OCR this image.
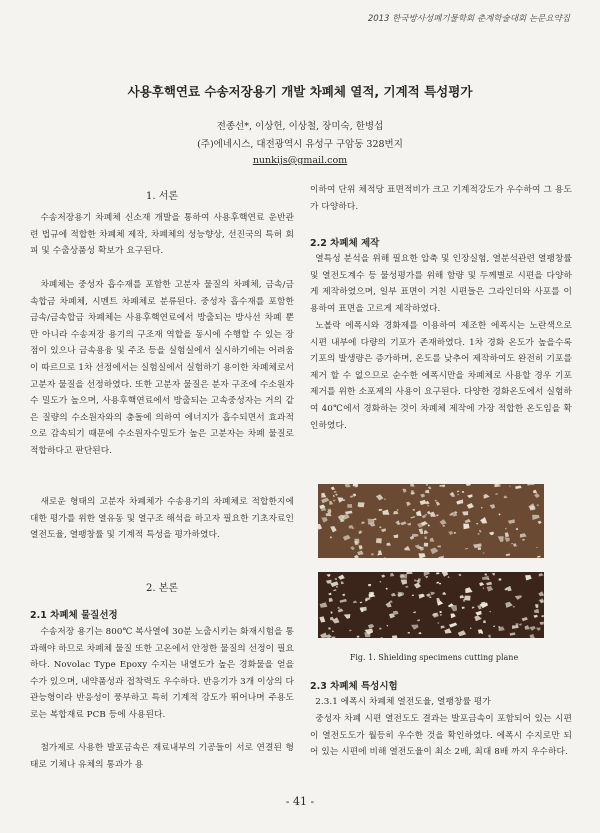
2013 한국방사성폐기물학회 춘계학술대회 논문요약집
사용후핵연료 수송저장용기 개발 차폐체 열적, 기계적 특성평가
전종선*, 이상헌, 이상철, 장미숙, 한병섭
(주)에네시스, 대전광역시 유성구 구암동 328번지
nunkijs@gmail.com
1. 서론

수송저장용기 차폐체 신소재 개발을 통하여 사용후핵연료 운반관련 법규에 적합한 차폐체 제작, 차폐체의 성능향상, 선진국의 특허 회피 및 수출상품성 확보가 요구된다.

차폐체는 중성자 흡수재를 포함한 고분자 물질의 차폐체, 금속/금속합금 차폐체, 시멘트 차폐체로 분류된다. 중성자 흡수재를 포함한 금속/금속합금 차폐체는 사용후핵연료에서 방출되는 방사선 차폐 뿐만 아니라 수송저장 용기의 구조재 역할을 동시에 수행할 수 있는 장점이 있으나 금속용융 및 주조 등을 실험실에서 실시하기에는 어려움이 따르므로 1차 선정에서는 실험실에서 실험하기 용이한 차폐체로서 고분자 물질을 선정하였다. 또한 고분자 물질은 분자 구조에 수소원자 수 밀도가 높으며, 사용후핵연료에서 방출되는 고속중성자는 거의 같은 질량의 수소원자와의 충돌에 의하여 에너지가 흡수되면서 효과적으로 감속되기 때문에 수소원자수밀도가 높은 고분자는 차폐 물질로 적합하다고 판단된다.

새로운 형태의 고분자 차폐체가 수송용기의 차폐체로 적합한지에 대한 평가를 위한 열유동 및 열구조 해석을 하고자 필요한 기초자료인 열전도율, 열팽창률 및 기계적 특성을 평가하였다.

2. 본론
2.1 차폐체 물질선정

수송저장 용기는 800℃ 복사열에 30분 노출시키는 화재시험을 통과해야 하므로 차폐체 물질 또한 고온에서 안정한 물질의 선정이 필요하다. Novolac Type Epoxy 수지는 내열도가 높은 경화물을 얻을 수가 있으며, 내약품성과 접착력도 우수하다. 반응기가 3개 이상의 다관능형이라 반응성이 풍부하고 특히 기계적 강도가 뛰어나며 주용도로는 복합재료 PCB 등에 사용된다.

첨가제로 사용한 발포금속은 재료내부의 기공들이 서로 연결된 형태로 기체나 유체의 통과가 용

이하여 단위 체적당 표면적비가 크고 기계적강도가 우수하여 그 용도가 다양하다.

2.2 차폐체 제작

열특성 분석을 위해 필요한 압축 및 인장실험, 열분석관련 열팽창률 및 열전도계수 등 물성평가를 위해 함량 및 두께별로 시편을 다양하게 제작하였으며, 일부 표면이 거친 시편들은 그라인더와 사포를 이용하여 표면을 고르게 제작하였다.

노볼락 에폭시와 경화제를 이용하여 제조한 에폭시는 노란색으로 시편 내부에 다량의 기포가 존재하였다. 1차 경화 온도가 높을수록 기포의 발생량은 증가하며, 온도를 낮추어 제작하여도 완전히 기포를 제거 할 수 없으므로 순수한 에폭시만을 차폐체로 사용할 경우 기포 제거를 위한 소포제의 사용이 요구된다. 다양한 경화온도에서 실험하여 40℃에서 경화하는 것이 차폐체 제작에 가장 적합한 온도임을 확인하였다.

Fig. 1. Shielding specimens cutting plane
2.3 차폐체 특성시험

2.3.1 에폭시 차폐체 열전도율, 열팽창률 평가

중성자 차폐 시편 열전도도 결과는 발포금속이 포함되어 있는 시편이 열전도도가 월등히 우수한 것을 확인하였다. 에폭시 수지로만 되어 있는 시편에 비해 열전도율이 최소 2배, 최대 8배 까지 우수하다.

- 41 -
